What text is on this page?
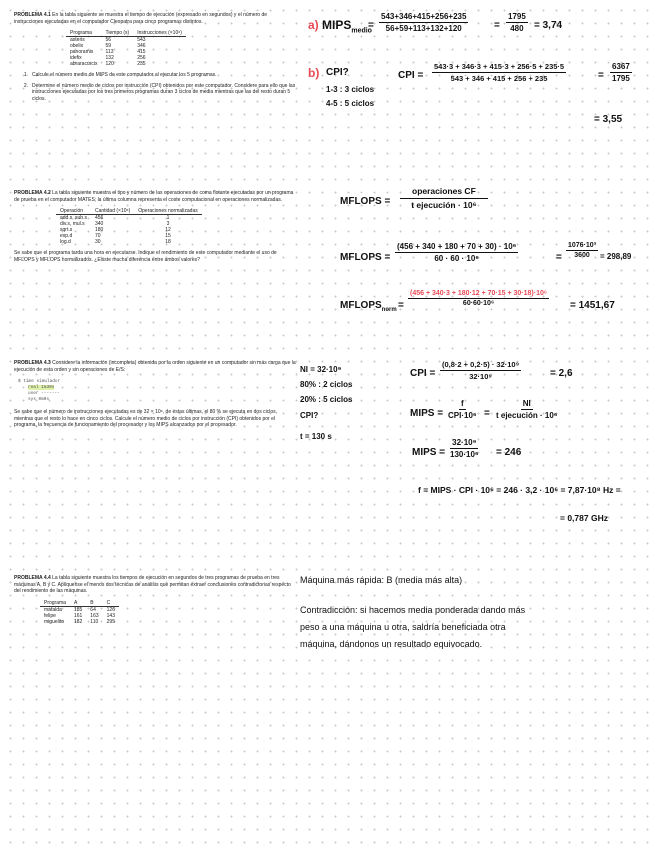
PROBLEMA 4.1 En la tabla siguiente se muestra el tiempo de ejecución (expresado en segundos) y el número de instrucciones ejecutadas en el computador Cleopatra para cinco programas distintos.
Programa	Tiempo (s)	Instrucciones (×10⁶)
asteris	56	543
obelix	59	346
panoramix	113	415
idefix	132	256
abraracurcix	120	235
1. Calcule el número medio de MIPS de este computador al ejecutar los 5 programas.
2. Determine el número medio de ciclos por instrucción (CPI) obtenidos por este computador. Considere para ello que las instrucciones ejecutadas por los tres primeros programas duran 3 ciclos de media mientras que las del resto duran 5 ciclos.
PROBLEMA 4.2 La tabla siguiente muestra el tipo y número de las operaciones de coma flotante ejecutadas por un programa de prueba en el computador MATES; la última columna representa el coste computacional en operaciones normalizadas.
Operación	Cantidad (×10⁶)	Operaciones normalizadas
add.s, sub.s	456	1
div.s, mul.s	340	3
sqrt.s	180	12
exp.d	70	15
log.d	30	18
Se sabe que el programa tarda una hora en ejecutarse. Indique el rendimiento de este computador mediante el uso de MFLOPS y MFLOPS normalizados. ¿Existe mucha diferencia entre ambos valores?
PROBLEMA 4.3 Considere la información (incompleta) obtenida por la orden siguiente en un computador sin más carga que la ejecución de esta orden y sin operaciones de E/S:
$ time simulador
real 1m30s
user -------
sys 0m0s
Se sabe que el número de instrucciones ejecutadas es de 32 × 10⁹, de éstas últimas, el 80 % se ejecuta en dos ciclos, mientras que el resto lo hace en cinco ciclos. Calcule el número medio de ciclos por instrucción (CPI) obtenidos por el programa, la frecuencia de funcionamiento del procesador y los MIPS alcanzados por el procesador.
PROBLEMA 4.4 La tabla siguiente muestra los tiempos de ejecución en segundos de tres programas de prueba en tres máquinas A, B y C. Aplíquense el menos dos técnicas de análisis que permitan extraer conclusiones contradictorias respecto del rendimiento de las máquinas.
Programa	A	B	C
mafalda	185	64	126
felipe	161	163	143
miguelito	182	110	295
a) $MIPS_{medio}$
= $\frac{543+346+415+256+235}{56+59+113+132+120}$	= $\frac{1795}{480} = 3,74$
b) CPI?
1-3 : 3 ciclos
4-5 : 5 ciclos
CPI = $\frac{543\cdot 3 + 346\cdot 3 + 415\cdot 3 + 256\cdot 5 + 235\cdot 5}{543 + 346 + 415 + 256 + 235}$	= $\frac{6367}{1795}$
= 3,55
MFLOPS =
operaciones CF
t ejecución · 10⁶
MFLOPS = $\frac{\text{(456 + 340 + 180 + 70 + 30) · 10⁶}}{\text{60 · 60 · 10⁶}}$	= $\frac{\text{1076·10³}}{3600} = 298,89$
$MFLOPS_{norm} = \frac{\text{(456 + 340·3 + 180·12 + 70·15 + 30·18)·10⁶}}{\text{60·60·10⁶}} = 1451,67$
NI = 32·10⁹
80% : 2 ciclos
20% : 5 ciclos
CPI?
t = 130 s
CPI = $\frac{\text{(0,8·2 + 0,2·5) · 32·10⁹}}{\text{32·10⁹}}$	= 2,6
MIPS =
f
CPI·10⁶ =
NI
t ejecución · 10⁶
MIPS = $\frac{\text{32·10⁹}}{\text{130·10⁶}} = 246$
f = MIPS · CPI · 10⁶ = 246 · 3,2 · 10⁶ = 7,87·10⁸ Hz =
= 0,787 GHz
Máquina más rápida: B (media más alta)
Contradicción: si hacemos media ponderada dando más
peso a una máquina u otra, saldría beneficiada otra
máquina, dándonos un resultado equivocado.
